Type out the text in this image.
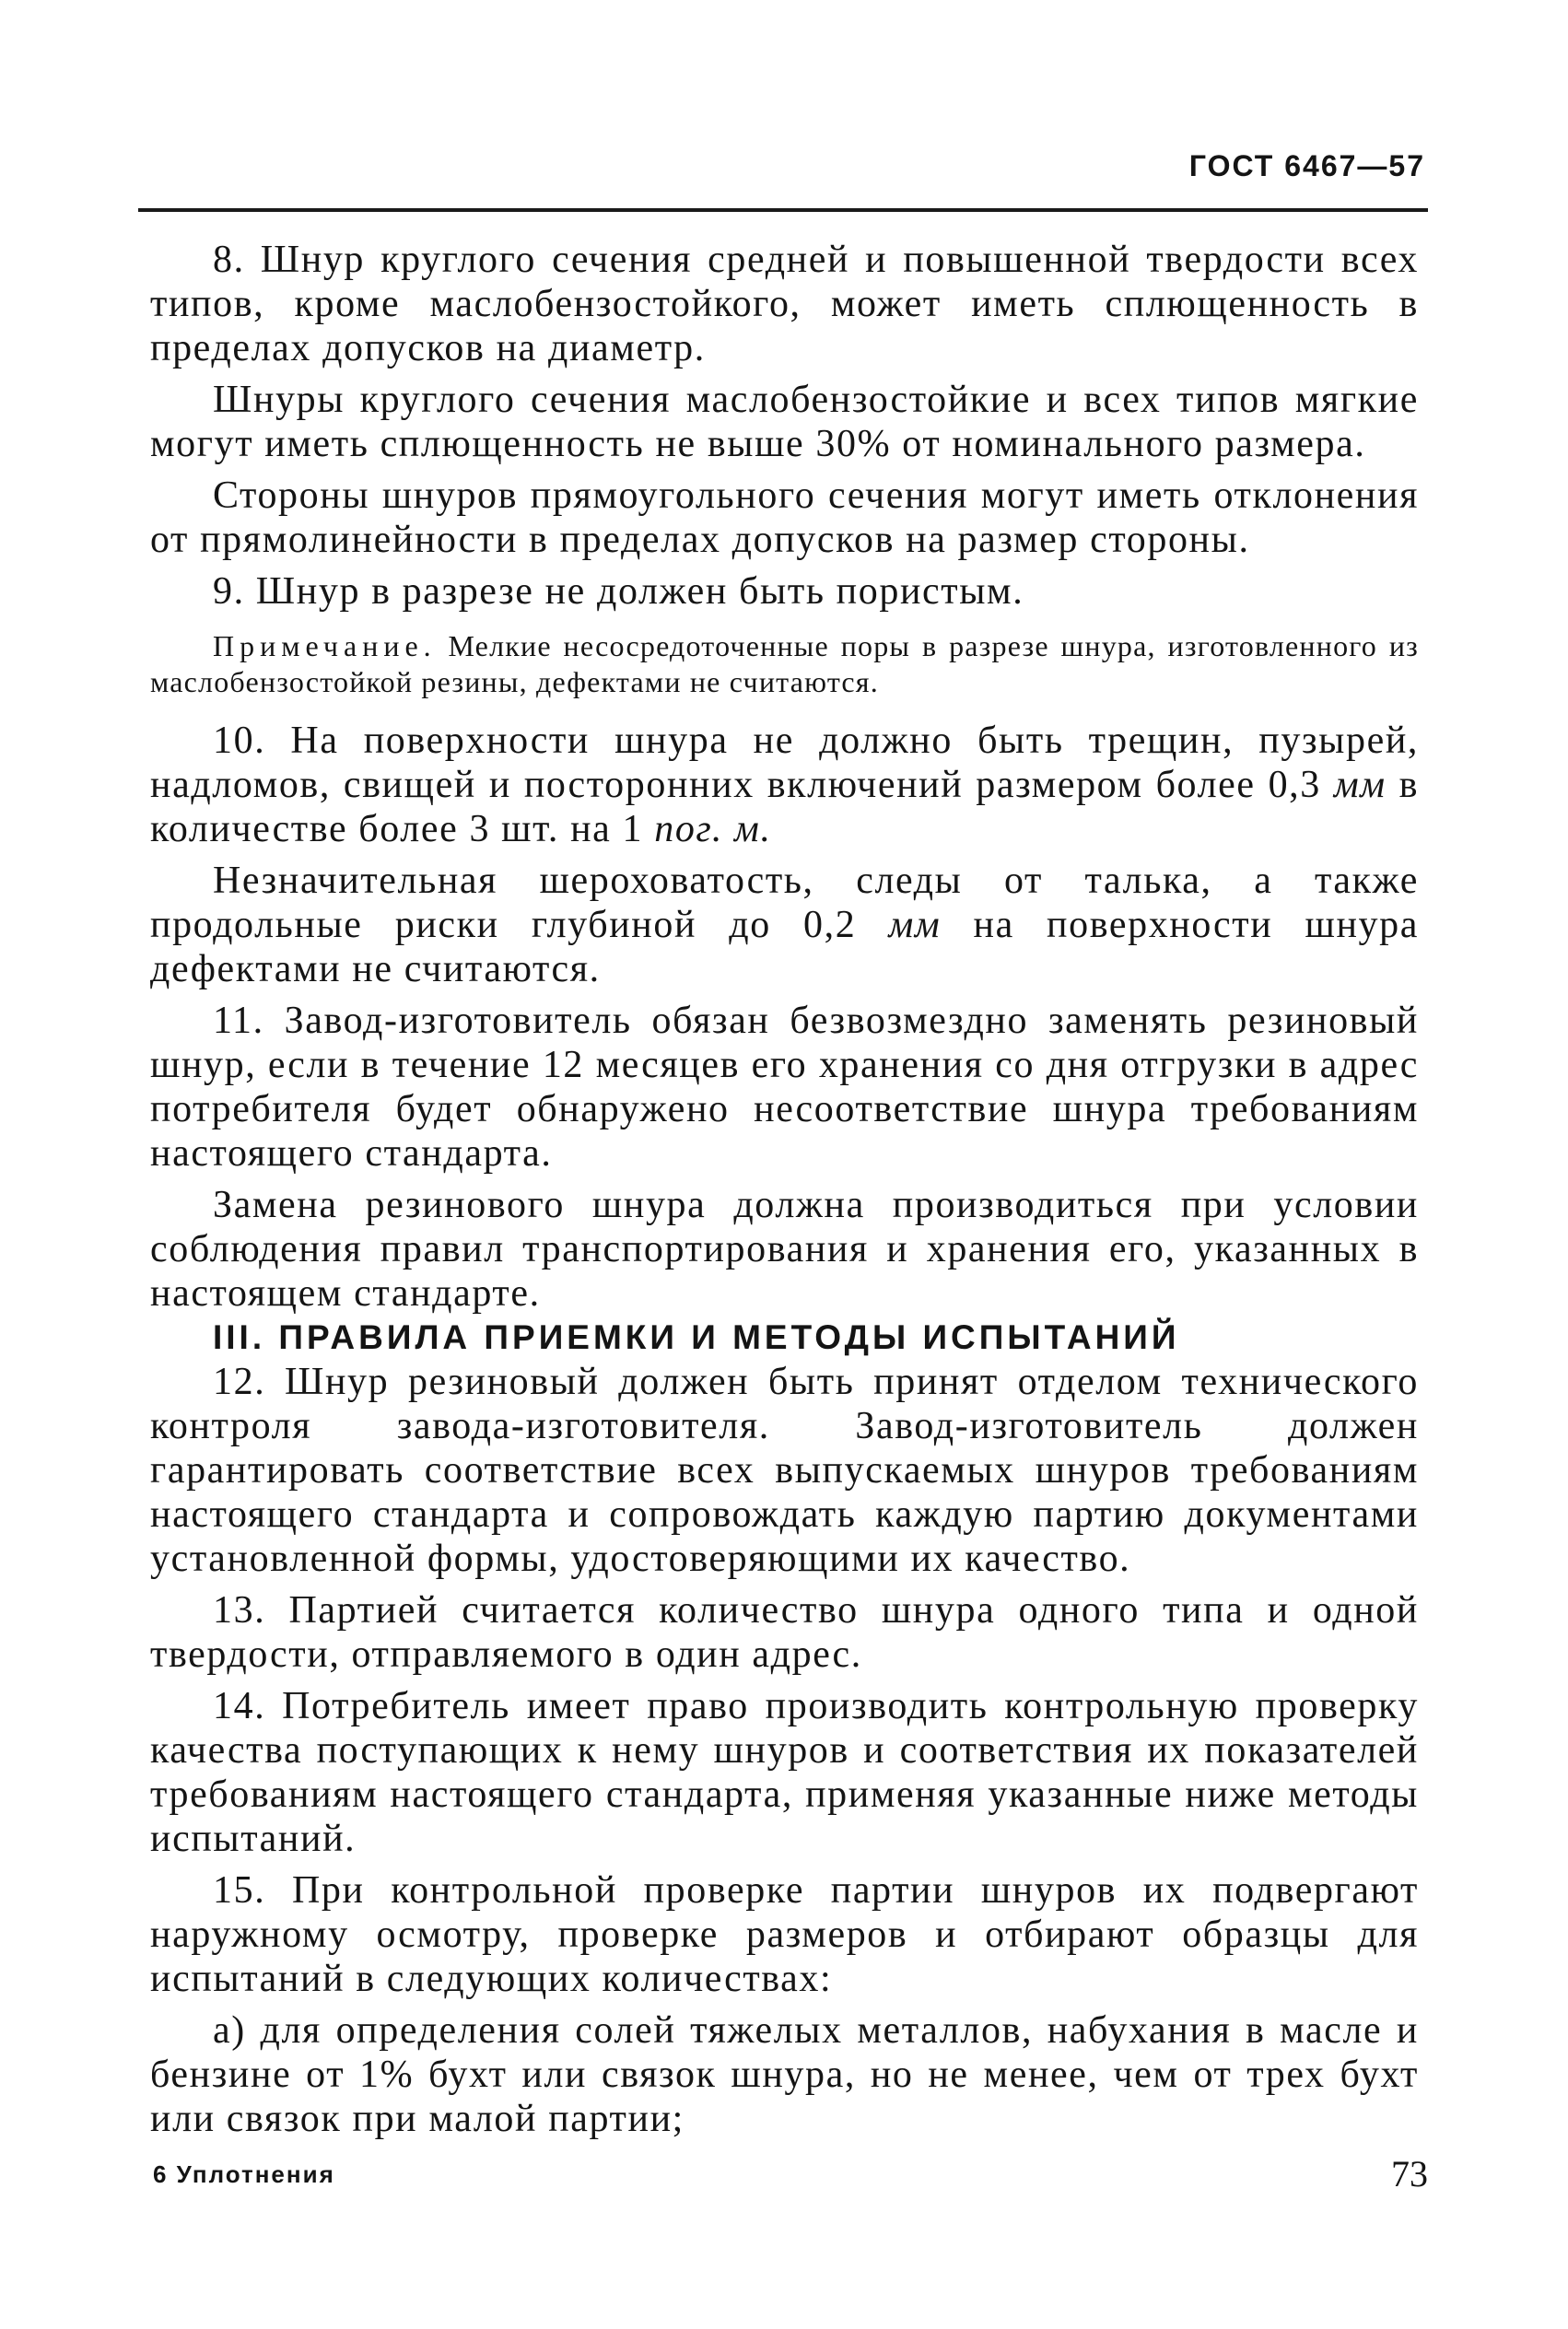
ГОСТ 6467—57

8. Шнур круглого сечения средней и повышенной твердости всех типов, кроме маслобензостойкого, может иметь сплющенность в пределах допусков на диаметр.

Шнуры круглого сечения маслобензостойкие и всех типов мягкие могут иметь сплющенность не выше 30% от номинального размера.

Стороны шнуров прямоугольного сечения могут иметь отклонения от прямолинейности в пределах допусков на размер стороны.

9. Шнур в разрезе не должен быть пористым.

Примечание. Мелкие несосредоточенные поры в разрезе шнура, изготовленного из маслобензостойкой резины, дефектами не считаются.

10. На поверхности шнура не должно быть трещин, пузырей, надломов, свищей и посторонних включений размером более 0,3 мм в количестве более 3 шт. на 1 пог. м.

Незначительная шероховатость, следы от талька, а также продольные риски глубиной до 0,2 мм на поверхности шнура дефектами не считаются.

11. Завод-изготовитель обязан безвозмездно заменять резиновый шнур, если в течение 12 месяцев его хранения со дня отгрузки в адрес потребителя будет обнаружено несоответствие шнура требованиям настоящего стандарта.

Замена резинового шнура должна производиться при условии соблюдения правил транспортирования и хранения его, указанных в настоящем стандарте.

III. ПРАВИЛА ПРИЕМКИ И МЕТОДЫ ИСПЫТАНИЙ

12. Шнур резиновый должен быть принят отделом технического контроля завода-изготовителя. Завод-изготовитель должен гарантировать соответствие всех выпускаемых шнуров требованиям настоящего стандарта и сопровождать каждую партию документами установленной формы, удостоверяющими их качество.

13. Партией считается количество шнура одного типа и одной твердости, отправляемого в один адрес.

14. Потребитель имеет право производить контрольную проверку качества поступающих к нему шнуров и соответствия их показателей требованиям настоящего стандарта, применяя указанные ниже методы испытаний.

15. При контрольной проверке партии шнуров их подвергают наружному осмотру, проверке размеров и отбирают образцы для испытаний в следующих количествах:

а) для определения солей тяжелых металлов, набухания в масле и бензине от 1% бухт или связок шнура, но не менее, чем от трех бухт или связок при малой партии;

6 Уплотнения	73
